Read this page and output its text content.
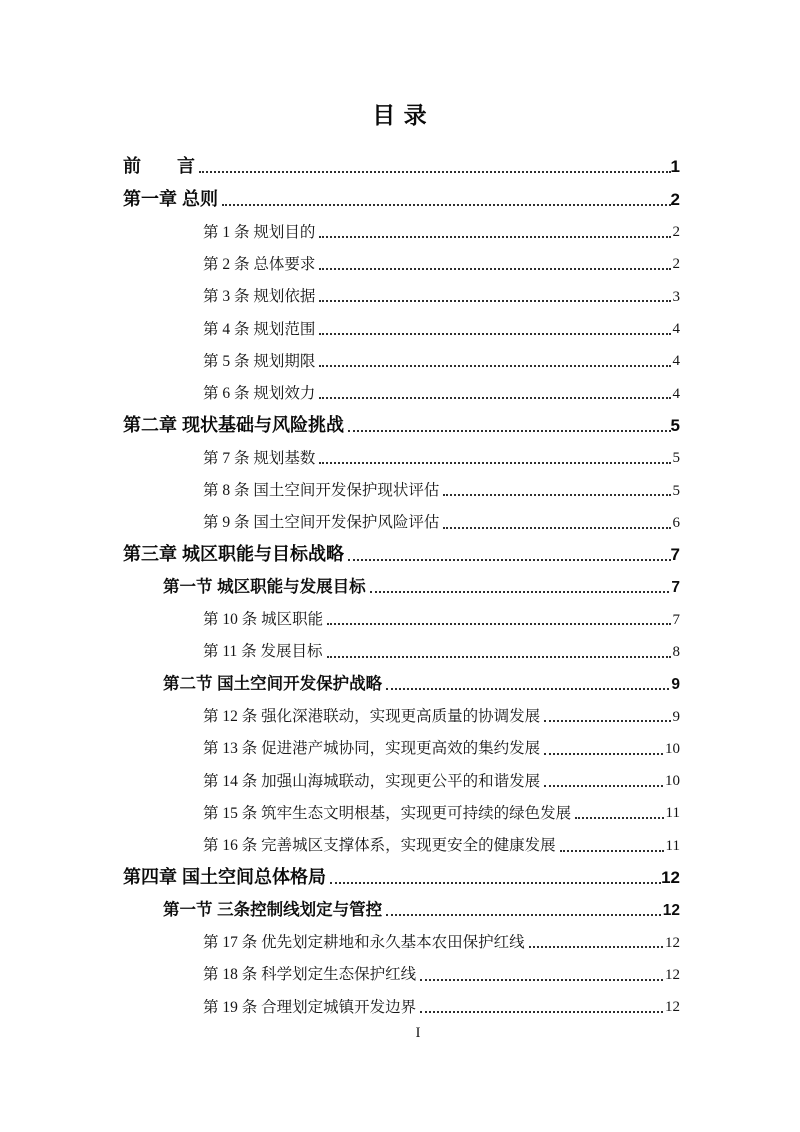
目 录
前　　言	1
第一章 总则	2
第 1 条 规划目的	2
第 2 条 总体要求	2
第 3 条 规划依据	3
第 4 条 规划范围	4
第 5 条 规划期限	4
第 6 条 规划效力	4
第二章 现状基础与风险挑战	5
第 7 条 规划基数	5
第 8 条 国土空间开发保护现状评估	5
第 9 条 国土空间开发保护风险评估	6
第三章 城区职能与目标战略	7
第一节 城区职能与发展目标	7
第 10 条 城区职能	7
第 11 条 发展目标	8
第二节 国土空间开发保护战略	9
第 12 条 强化深港联动，实现更高质量的协调发展	9
第 13 条 促进港产城协同，实现更高效的集约发展	10
第 14 条 加强山海城联动，实现更公平的和谐发展	10
第 15 条 筑牢生态文明根基，实现更可持续的绿色发展	11
第 16 条 完善城区支撑体系，实现更安全的健康发展	11
第四章 国土空间总体格局	12
第一节 三条控制线划定与管控	12
第 17 条 优先划定耕地和永久基本农田保护红线	12
第 18 条 科学划定生态保护红线	12
第 19 条 合理划定城镇开发边界	12
I
